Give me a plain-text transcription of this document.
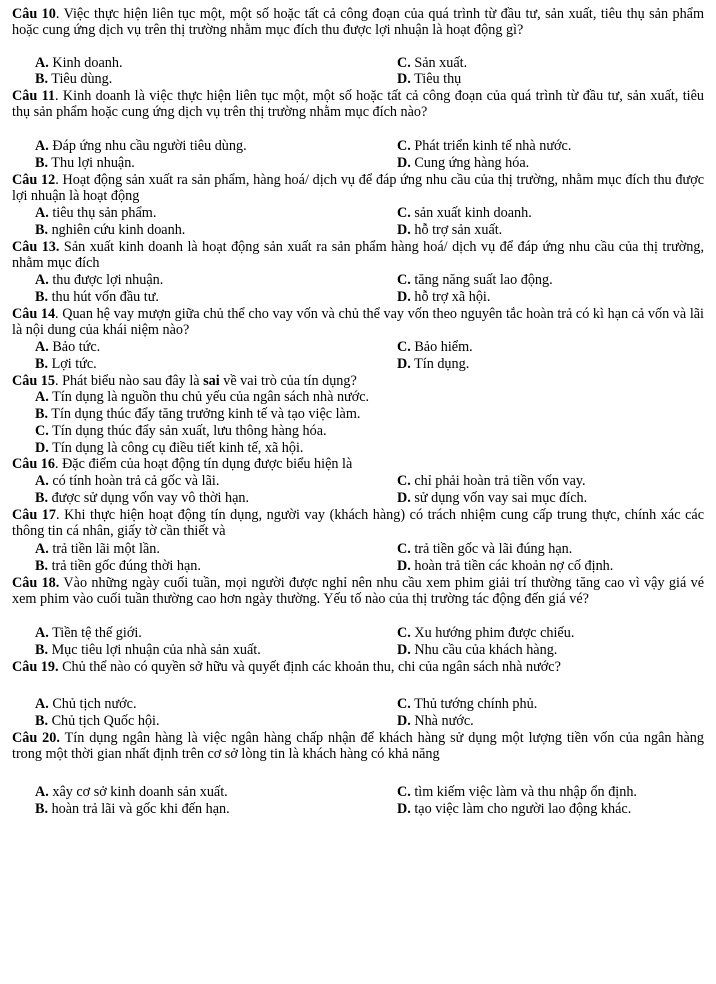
Câu 10. Việc thực hiện liên tục một, một số hoặc tất cả công đoạn của quá trình từ đầu tư, sản xuất, tiêu thụ sản phẩm hoặc cung ứng dịch vụ trên thị trường nhằm mục đích thu được lợi nhuận là hoạt động gì?
A. Kinh doanh.	C. Sản xuất.
B. Tiêu dùng.	D. Tiêu thụ
Câu 11. Kinh doanh là việc thực hiện liên tục một, một số hoặc tất cả công đoạn của quá trình từ đầu tư, sản xuất, tiêu thụ sản phẩm hoặc cung ứng dịch vụ trên thị trường nhằm mục đích nào?
A. Đáp ứng nhu cầu người tiêu dùng.	C. Phát triển kinh tế nhà nước.
B. Thu lợi nhuận.	D. Cung ứng hàng hóa.
Câu 12. Hoạt động sản xuất ra sản phẩm, hàng hoá/ dịch vụ để đáp ứng nhu cầu của thị trường, nhằm mục đích thu được lợi nhuận là hoạt động
A. tiêu thụ sản phẩm.	C. sản xuất kinh doanh.
B. nghiên cứu kinh doanh.	D. hỗ trợ sản xuất.
Câu 13. Sản xuất kinh doanh là hoạt động sản xuất ra sản phẩm hàng hoá/ dịch vụ để đáp ứng nhu cầu của thị trường, nhằm mục đích
A. thu được lợi nhuận.	C. tăng năng suất lao động.
B. thu hút vốn đầu tư.	D. hỗ trợ xã hội.
Câu 14. Quan hệ vay mượn giữa chủ thể cho vay vốn và chủ thể vay vốn theo nguyên tắc hoàn trả có kì hạn cả vốn và lãi là nội dung của khái niệm nào?
A. Bảo tức.	C. Bảo hiểm.
B. Lợi tức.	D. Tín dụng.
Câu 15. Phát biểu nào sau đây là sai về vai trò của tín dụng?
A. Tín dụng là nguồn thu chủ yếu của ngân sách nhà nước.
B. Tín dụng thúc đẩy tăng trưởng kinh tế và tạo việc làm.
C. Tín dụng thúc đẩy sản xuất, lưu thông hàng hóa.
D. Tín dụng là công cụ điều tiết kinh tế, xã hội.
Câu 16. Đặc điểm của hoạt động tín dụng được biểu hiện là
A. có tính hoàn trả cả gốc và lãi.	C. chỉ phải hoàn trả tiền vốn vay.
B. được sử dụng vốn vay vô thời hạn.	D. sử dụng vốn vay sai mục đích.
Câu 17. Khi thực hiện hoạt động tín dụng, người vay (khách hàng) có trách nhiệm cung cấp trung thực, chính xác các thông tin cá nhân, giấy tờ cần thiết và
A. trả tiền lãi một lần.	C. trả tiền gốc và lãi đúng hạn.
B. trả tiền gốc đúng thời hạn.	D. hoàn trả tiền các khoản nợ cố định.
Câu 18. Vào những ngày cuối tuần, mọi người được nghỉ nên nhu cầu xem phim giải trí thường tăng cao vì vậy giá vé xem phim vào cuối tuần thường cao hơn ngày thường. Yếu tố nào của thị trường tác động đến giá vé?
A. Tiền tệ thế giới.	C. Xu hướng phim được chiếu.
B. Mục tiêu lợi nhuận của nhà sản xuất.	D. Nhu cầu của khách hàng.
Câu 19. Chủ thể nào có quyền sở hữu và quyết định các khoản thu, chi của ngân sách nhà nước?
A. Chủ tịch nước.	C. Thủ tướng chính phủ.
B. Chủ tịch Quốc hội.	D. Nhà nước.
Câu 20. Tín dụng ngân hàng là việc ngân hàng chấp nhận để khách hàng sử dụng một lượng tiền vốn của ngân hàng trong một thời gian nhất định trên cơ sở lòng tin là khách hàng có khả năng
A. xây cơ sở kinh doanh sản xuất.	C. tìm kiếm việc làm và thu nhập ổn định.
B. hoàn trả lãi và gốc khi đến hạn.	D. tạo việc làm cho người lao động khác.
